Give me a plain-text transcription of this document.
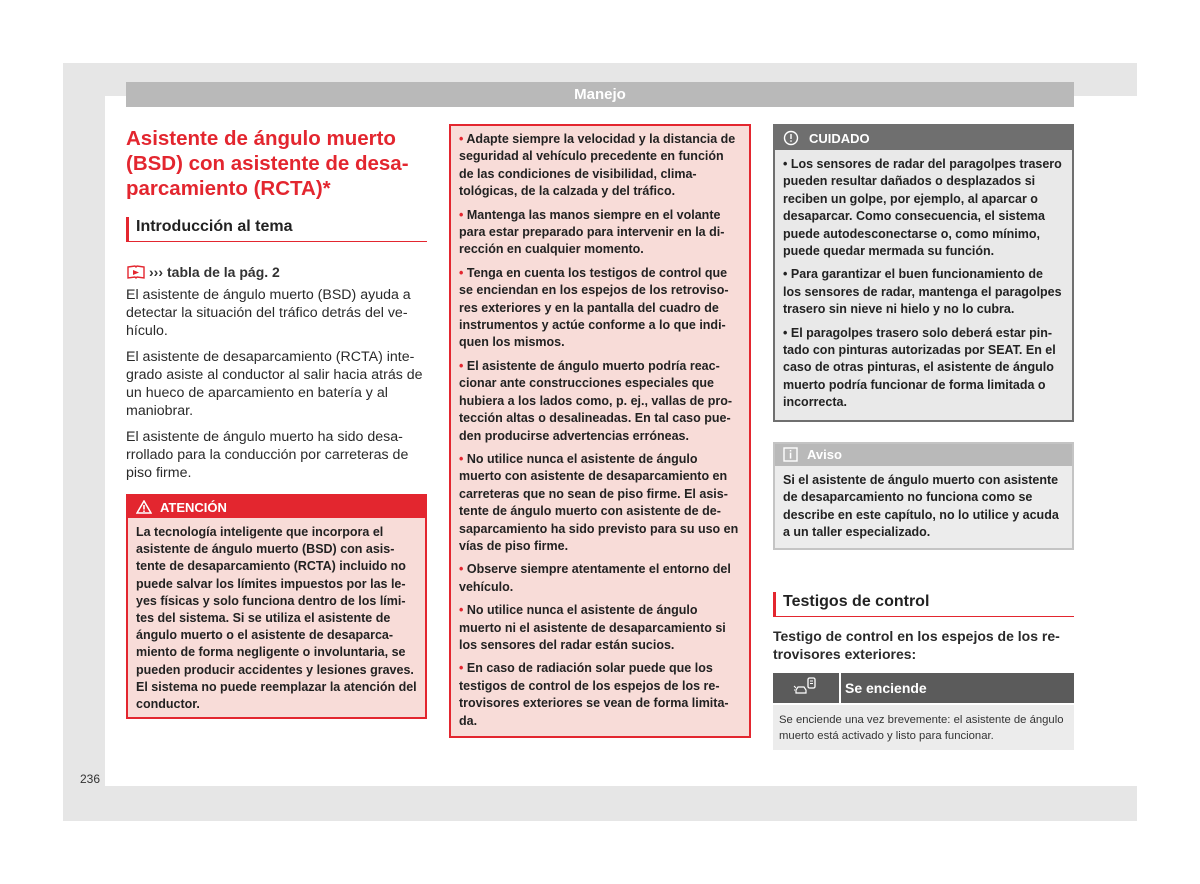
Manejo
Asistente de ángulo muerto (BSD) con asistente de desaparcamiento (RCTA)*
Introducción al tema
››› tabla de la pág. 2

El asistente de ángulo muerto (BSD) ayuda a detectar la situación del tráfico detrás del vehículo.

El asistente de desaparcamiento (RCTA) integrado asiste al conductor al salir hacia atrás de un hueco de aparcamiento en batería y al maniobrar.

El asistente de ángulo muerto ha sido desarrollado para la conducción por carreteras de piso firme.

ATENCIÓN
La tecnología inteligente que incorpora el asistente de ángulo muerto (BSD) con asistente de desaparcamiento (RCTA) incluido no puede salvar los límites impuestos por las leyes físicas y solo funciona dentro de los límites del sistema. Si se utiliza el asistente de ángulo muerto o el asistente de desaparcamiento de forma negligente o involuntaria, se pueden producir accidentes y lesiones graves. El sistema no puede reemplazar la atención del conductor.

• Adapte siempre la velocidad y la distancia de seguridad al vehículo precedente en función de las condiciones de visibilidad, climatológicas, de la calzada y del tráfico.

• Mantenga las manos siempre en el volante para estar preparado para intervenir en la dirección en cualquier momento.

• Tenga en cuenta los testigos de control que se enciendan en los espejos de los retrovisores exteriores y en la pantalla del cuadro de instrumentos y actúe conforme a lo que indiquen los mismos.

• El asistente de ángulo muerto podría reaccionar ante construcciones especiales que hubiera a los lados como, p. ej., vallas de protección altas o desalineadas. En tal caso pueden producirse advertencias erróneas.

• No utilice nunca el asistente de ángulo muerto con asistente de desaparcamiento en carreteras que no sean de piso firme. El asistente de ángulo muerto con asistente de desaparcamiento ha sido previsto para su uso en vías de piso firme.

• Observe siempre atentamente el entorno del vehículo.

• No utilice nunca el asistente de ángulo muerto ni el asistente de desaparcamiento si los sensores del radar están sucios.

• En caso de radiación solar puede que los testigos de control de los espejos de los retrovisores exteriores se vean de forma limitada.

CUIDADO

• Los sensores de radar del paragolpes trasero pueden resultar dañados o desplazados si reciben un golpe, por ejemplo, al aparcar o desaparcar. Como consecuencia, el sistema puede autodesconectarse o, como mínimo, puede quedar mermada su función.

• Para garantizar el buen funcionamiento de los sensores de radar, mantenga el paragolpes trasero sin nieve ni hielo y no lo cubra.

• El paragolpes trasero solo deberá estar pintado con pinturas autorizadas por SEAT. En el caso de otras pinturas, el asistente de ángulo muerto podría funcionar de forma limitada o incorrecta.

Aviso
Si el asistente de ángulo muerto con asistente de desaparcamiento no funciona como se describe en este capítulo, no lo utilice y acuda a un taller especializado.
Testigos de control
Testigo de control en los espejos de los retrovisores exteriores:
Se enciende
Se enciende una vez brevemente: el asistente de ángulo muerto está activado y listo para funcionar.
236
